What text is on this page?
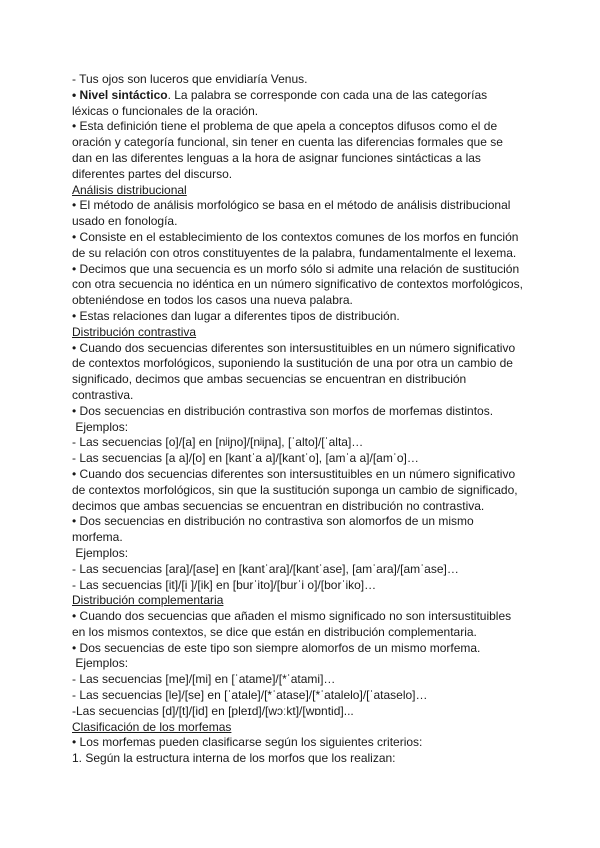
- Tus ojos son luceros que envidiaría Venus.
• Nivel sintáctico. La palabra se corresponde con cada una de las categorías
léxicas o funcionales de la oración.
• Esta definición tiene el problema de que apela a conceptos difusos como el de
oración y categoría funcional, sin tener en cuenta las diferencias formales que se
dan en las diferentes lenguas a la hora de asignar funciones sintácticas a las
diferentes partes del discurso.
Análisis distribucional
• El método de análisis morfológico se basa en el método de análisis distribucional
usado en fonología.
• Consiste en el establecimiento de los contextos comunes de los morfos en función
de su relación con otros constituyentes de la palabra, fundamentalmente el lexema.
• Decimos que una secuencia es un morfo sólo si admite una relación de sustitución
con otra secuencia no idéntica en un número significativo de contextos morfológicos,
obteniéndose en todos los casos una nueva palabra.
• Estas relaciones dan lugar a diferentes tipos de distribución.
Distribución contrastiva
• Cuando dos secuencias diferentes son intersustituibles en un número significativo
de contextos morfológicos, suponiendo la sustitución de una por otra un cambio de
significado, decimos que ambas secuencias se encuentran en distribución
contrastiva.
• Dos secuencias en distribución contrastiva son morfos de morfemas distintos.
Ejemplos:
- Las secuencias [o]/[a] en [nʲiɲo]/[nʲiɲa], [ˈalto]/[ˈalta]…
- Las secuencias [a a]/[o] en [kantˈa a]/[kantˈo], [amˈa a]/[amˈo]…
• Cuando dos secuencias diferentes son intersustituibles en un número significativo
de contextos morfológicos, sin que la sustitución suponga un cambio de significado,
decimos que ambas secuencias se encuentran en distribución no contrastiva.
• Dos secuencias en distribución no contrastiva son alomorfos de un mismo
morfema.
Ejemplos:
- Las secuencias [ara]/[ase] en [kantˈara]/[kantˈase], [amˈara]/[amˈase]…
- Las secuencias [it]/[i ]/[ik] en [burˈito]/[burˈi o]/[borˈiko]…
Distribución complementaria
• Cuando dos secuencias que añaden el mismo significado no son intersustituibles
en los mismos contextos, se dice que están en distribución complementaria.
• Dos secuencias de este tipo son siempre alomorfos de un mismo morfema.
Ejemplos:
- Las secuencias [me]/[mi] en [ˈatame]/[*ˈatami]…
- Las secuencias [le]/[se] en [ˈatale]/[*ˈatase]/[*ˈatalelo]/[ˈataselo]…
-Las secuencias [d]/[t]/[id] en [pleɪd]/[wɔːkt]/[wɒntid]...
Clasificación de los morfemas
• Los morfemas pueden clasificarse según los siguientes criterios:
1. Según la estructura interna de los morfos que los realizan:
